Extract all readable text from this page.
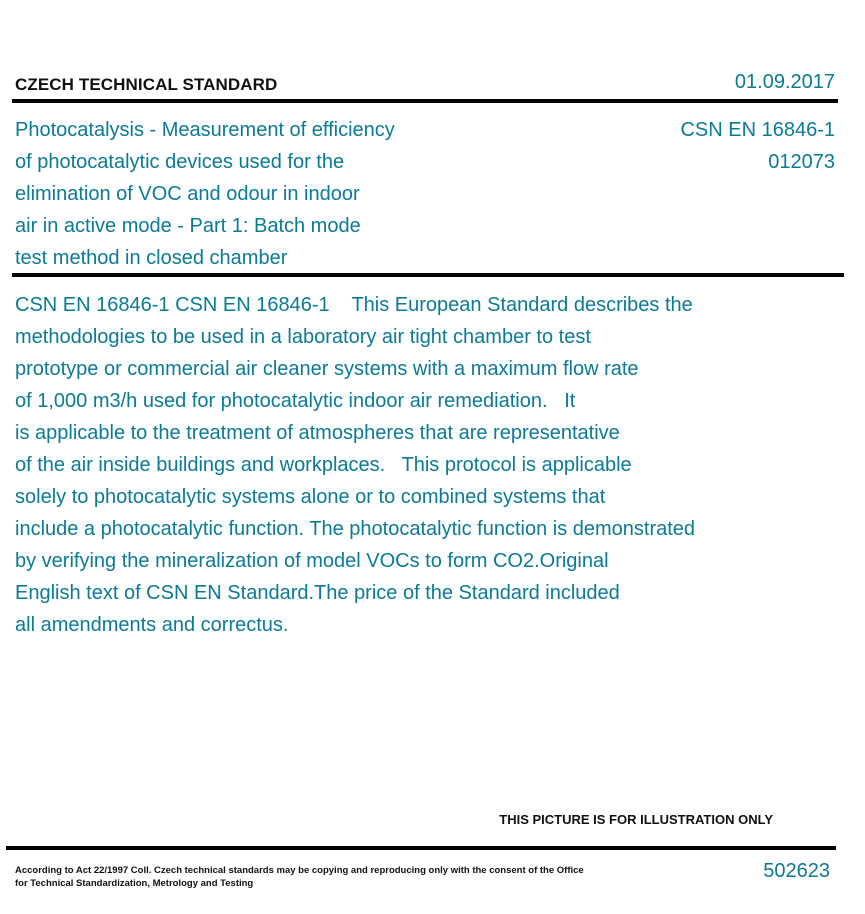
CZECH TECHNICAL STANDARD	01.09.2017
Photocatalysis - Measurement of efficiency
of photocatalytic devices used for the
elimination of VOC and odour in indoor
air in active mode - Part 1: Batch mode
test method in closed chamber
CSN EN 16846-1
012073
CSN EN 16846-1 CSN EN 16846-1    This European Standard describes the
methodologies to be used in a laboratory air tight chamber to test
prototype or commercial air cleaner systems with a maximum flow rate
of 1,000 m3/h used for photocatalytic indoor air remediation.   It
is applicable to the treatment of atmospheres that are representative
of the air inside buildings and workplaces.   This protocol is applicable
solely to photocatalytic systems alone or to combined systems that
include a photocatalytic function. The photocatalytic function is demonstrated
by verifying the mineralization of model VOCs to form CO2.Original
English text of CSN EN Standard.The price of the Standard included
all amendments and correctus.
THIS PICTURE IS FOR ILLUSTRATION ONLY
According to Act 22/1997 Coll. Czech technical standards may be copying and reproducing only with the consent of the Office
for Technical Standardization, Metrology and Testing
502623
